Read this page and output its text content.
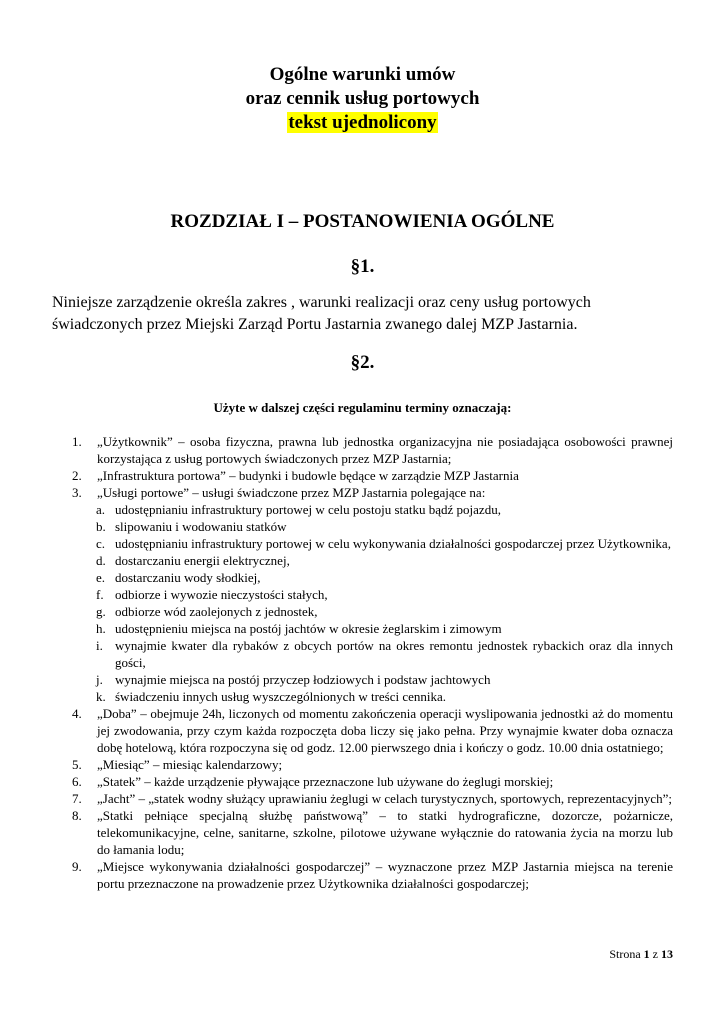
Ogólne warunki umów
oraz cennik usług portowych
tekst ujednolicony
ROZDZIAŁ I – POSTANOWIENIA OGÓLNE
§1.
Niniejsze zarządzenie określa zakres , warunki realizacji oraz ceny usług portowych świadczonych przez Miejski Zarząd Portu Jastarnia zwanego dalej MZP Jastarnia.
§2.
Użyte w dalszej części regulaminu terminy oznaczają:
1.	„Użytkownik” – osoba fizyczna, prawna lub jednostka organizacyjna nie posiadająca osobowości prawnej korzystająca z usług portowych świadczonych przez MZP Jastarnia;
2.	„Infrastruktura portowa” – budynki i budowle będące w zarządzie MZP Jastarnia
3.	„Usługi portowe” – usługi świadczone przez MZP Jastarnia polegające na:
a. udostępnianiu infrastruktury portowej w celu postoju statku bądź pojazdu,
b. slipowaniu i wodowaniu statków
c. udostępnianiu infrastruktury portowej w celu wykonywania działalności gospodarczej przez Użytkownika,
d. dostarczaniu energii elektrycznej,
e. dostarczaniu wody słodkiej,
f. odbiorze i wywozie nieczystości stałych,
g. odbiorze wód zaolejonych z jednostek,
h. udostępnieniu miejsca na postój jachtów w okresie żeglarskim i zimowym
i. wynajmie kwater dla rybaków z obcych portów na okres remontu jednostek rybackich oraz dla innych gości,
j. wynajmie miejsca na postój przyczep łodziowych i podstaw jachtowych
k. świadczeniu innych usług wyszczególnionych w treści cennika.
4.	„Doba” – obejmuje 24h, liczonych od momentu zakończenia operacji wyslipowania jednostki aż do momentu jej zwodowania, przy czym każda rozpoczęta doba liczy się jako pełna. Przy wynajmie kwater doba oznacza dobę hotelową, która rozpoczyna się od godz. 12.00 pierwszego dnia i kończy o godz. 10.00 dnia ostatniego;
5.	„Miesiąc” – miesiąc kalendarzowy;
6.	„Statek” – każde urządzenie pływające przeznaczone lub używane do żeglugi morskiej;
7.	„Jacht” – „statek wodny służący uprawianiu żeglugi w celach turystycznych, sportowych, reprezentacyjnych”;
8.	„Statki pełniące specjalną służbę państwową” – to statki hydrograficzne, dozorcze, pożarnicze, telekomunikacyjne, celne, sanitarne, szkolne, pilotowe używane wyłącznie do ratowania życia na morzu lub do łamania lodu;
9.	„Miejsce wykonywania działalności gospodarczej” – wyznaczone przez MZP Jastarnia miejsca na terenie portu przeznaczone na prowadzenie przez Użytkownika działalności gospodarczej;
Strona 1 z 13
